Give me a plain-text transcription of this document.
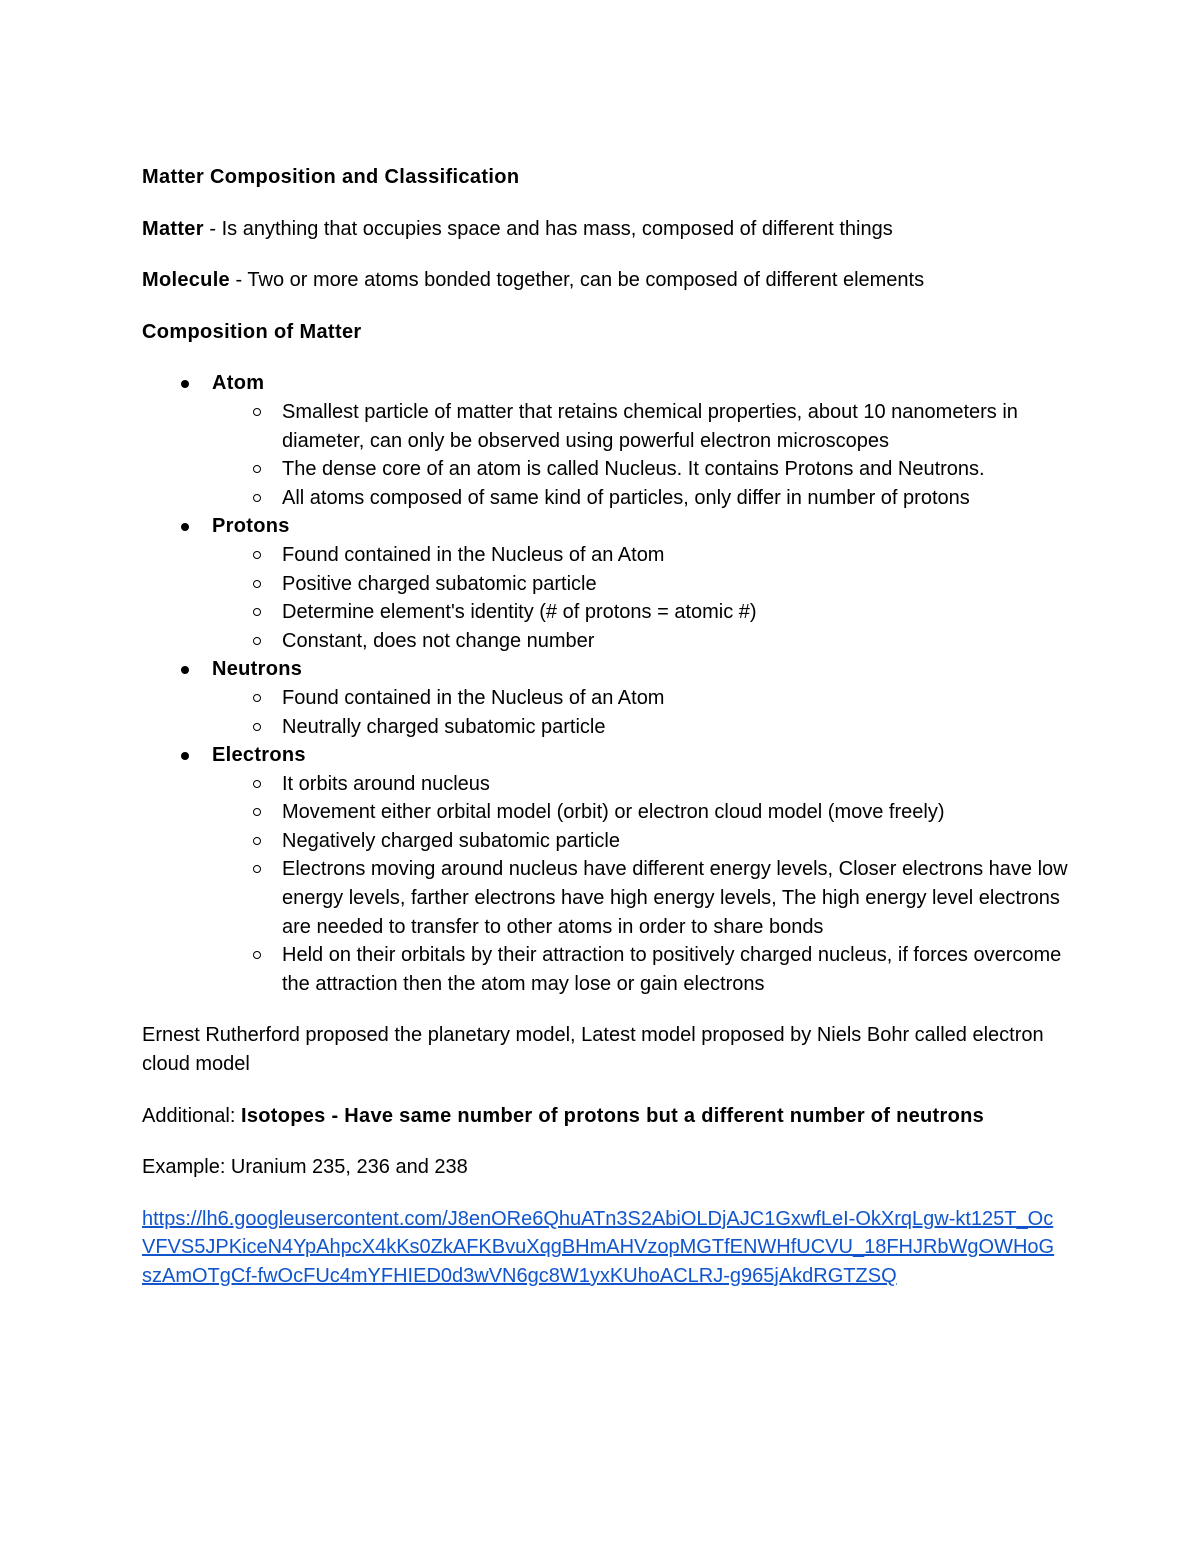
Matter Composition and Classification
Matter - Is anything that occupies space and has mass, composed of different things
Molecule - Two or more atoms bonded together, can be composed of different elements
Composition of Matter
Atom
Smallest particle of matter that retains chemical properties, about 10 nanometers in diameter, can only be observed using powerful electron microscopes
The dense core of an atom is called Nucleus. It contains Protons and Neutrons.
All atoms composed of same kind of particles, only differ in number of protons
Protons
Found contained in the Nucleus of an Atom
Positive charged subatomic particle
Determine element's identity (# of protons = atomic #)
Constant, does not change number
Neutrons
Found contained in the Nucleus of an Atom
Neutrally charged subatomic particle
Electrons
It orbits around nucleus
Movement either orbital model (orbit) or electron cloud model (move freely)
Negatively charged subatomic particle
Electrons moving around nucleus have different energy levels, Closer electrons have low energy levels, farther electrons have high energy levels, The high energy level electrons are needed to transfer to other atoms in order to share bonds
Held on their orbitals by their attraction to positively charged nucleus, if forces overcome the attraction then the atom may lose or gain electrons
Ernest Rutherford proposed the planetary model, Latest model proposed by Niels Bohr called electron cloud model
Additional: Isotopes - Have same number of protons but a different number of neutrons
Example: Uranium 235, 236 and 238
https://lh6.googleusercontent.com/J8enORe6QhuATn3S2AbiOLDjAJC1GxwfLeI-OkXrqLgw-kt125T_OcVFVS5JPKiceN4YpAhpcX4kKs0ZkAFKBvuXqgBHmAHVzopMGTfENWHfUCVU_18FHJRbWgOWHoGszAmOTgCf-fwOcFUc4mYFHIED0d3wVN6gc8W1yxKUhoACLRJ-g965jAkdRGTZSQ
